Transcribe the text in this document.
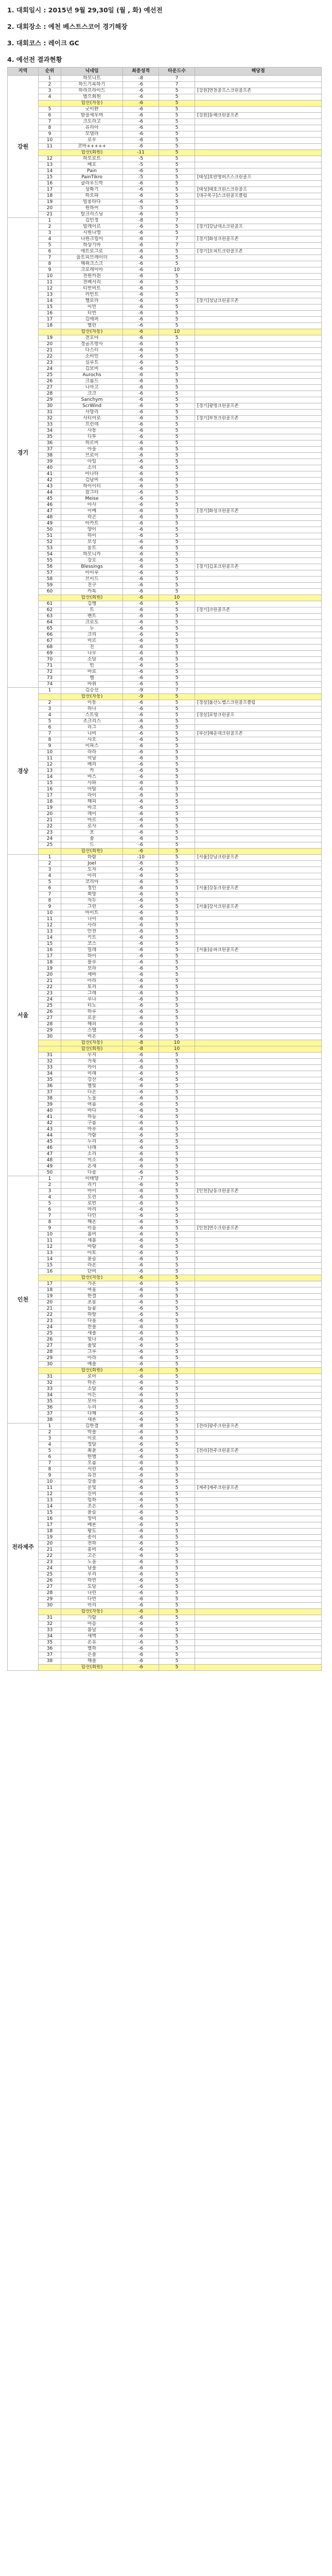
1. 대회일시 : 2015년 9월 29,30일 (월 , 화) 예선전

2. 대회장소 : 예천 베스트스코어 경기해장

3. 대회코스 : 레이크 GC

4. 예선전 결과현황

지역	순위	닉네임	최종성적	타운드수	해당점
강원	1	하모니트	-8	7	
	2	하드기록하기	-6	7	
	3	하라프라이드	-6	5	[강원]연천골프스크린골프존
	4	별으회원	-6	5	
		합산(자동)	-6	5	
	5	굿이완	-6	5	
	6	밤을세우며	-6	5	[강원]동해크린골프존
	7	크도라고	-6	5	
	8	유리아	-6	5	
	9	모델라	-6	5	
	10	로우	-6	5	
	11	코바+++++	-6	5	
		합산(회원)	-11	5	
	12	하모로트	-5	5	
	13	배호	-5	5	
	14	Pain	-6	5	
	15	PainTikro	-5	5	[태성]호반명퍼즈스크린골프
	16	클라우드박	-6	5	
	17	상화기	-6	5	[태성]태호크린스크린골프
	18	하오파	-6	5	[대구북구]스크린골프클럽
	19	빌롱타다	-6	5	
	20	원하어	-5	5	
	21	탈크리스닝	-6	5	
경기	1	김민정	-8	7	
	2	빌레이르	-6	5	[경기]강남대소크린골프
	3	시원나영	-6	5	
	4	나원크립이	-6	7	[경기]화성크린골프존
	5	하상기마	-6	7	
	6	에트로그로	-6	5	[경기]오피트크린골프존
	7	을트피브레이더	-6	5	
	8	해위크스크	-6	5	
	9	크로레이아	-6	10	
	10	전원카윈	-6	5	
	11	전페서리	-6	5	
	12	티빈비트	-6	5	
	13	러빈트	-6	5	
	14	헬로라	-6	5	[경기]성남크린골프존
	15	이빈	-6	5	
	16	티빈	-6	5	
	17	김에퍼	-6	5	
	18	별린	-6	5	
		합산(자동)	-6	10	
	19	전호아	-6	5	
	20	정골프방사	-6	5	
	21	다스터	-6	5	
	22	소비인	-6	5	
	23	실루트	-6	5	
	24	김보비	-6	5	
	25	Aurochs	-6	5	
	26	크롬드	-6	5	
	27	니아고	-6	5	
	28	크크	-6	5	
	29	Sanchym	-6	5	
	30	ScrWind	-6	5	[경기]광명크린골프존
	31	사망리	-6	5	
	32	사티어로	-6	5	[경기]부천크린골프존
	33	프린데	-6	5	
	34	사동	-6	5	
	35	디투	-6	5	
	36	하르비	-6	5	
	37	아을	-6	5	
	38	브로이	-6	5	
	39	아일	-6	5	
	40	소더	-6	5	
	41	아나타	-6	5	
	42	김남비	-6	5	
	43	하이이티	-6	5	
	44	잠그터	-6	5	
	45	Meise	-6	5	
	46	아사	-6	5	
	47	이베	-6	5	[경기]화성크린골프존
	48	곽곤	-6	5	
	49	아카트	-6	5	
	50	양이	-6	5	
	51	하이	-6	5	
	52	보성	-6	5	
	53	롱트	-6	5	
	54	하모니카	-6	5	
	55	강호	-6	5	
	56	Blessings	-6	5	[경기]김포크린골프존
	57	아이루	-6	5	
	58	브이드	-6	5	
	59	진구	-6	5	
	60	카톡	-6	5	
		합산(회원)	-6	10	
	61	김뱅	-6	5	
	62	트	-6	5	[경기]크린골프존
	63	벤트	-6	5	
	64	크로도	-6	5	
	65	누	-6	5	
	66	크리	-6	5	
	67	미르	-6	5	
	68	진	-6	5	
	69	나무	-6	5	
	70	소담	-6	5	
	71	빈	-6	5	
	72	마로	-6	5	
	73	벨	-6	5	
	74	바위	-6	5	
경상	1	김승선	-9	7	
		합산(자동)	-9	5	
	2	이동	-6	5	[경상]울산노벨스크린골프클럽
	3	하나	-6	5	
	4	스트릿	-6	5	[경상]포항크린골프
	5	조크리스	-6	5	
	6	리그	-6	5	
	7	나비	-6	5	[부산]해운대크린골프존
	8	사오	-6	5	
	9	이파스	-6	5	
	10	라라	-6	5	
	11	미남	-6	5	
	12	메리	-6	5	
	13	카	-6	5	
	14	바스	-6	5	
	15	사파	-6	5	
	16	아탑	-6	5	
	17	라이	-6	5	
	18	해피	-6	5	
	19	바크	-6	5	
	20	레이	-6	5	
	21	마르	-6	5	
	22	로사	-6	5	
	23	포	-6	5	
	24	솔	-6	5	
	25	드	-6	5	
		합산(회원)	-6	5	
서울	1	하람	-10	5	[서울]강남크린골프존
	2	Joel	-6	5	
	3	도자	-6	5	
	4	아리	-6	5	
	5	코리아	-6	5	
	6	정인	-6	5	[서울]강동크린골프존
	7	희망	-6	5	
	8	자두	-6	5	
	9	그린	-6	5	[서울]강서크린골프존
	10	마이트	-6	5	
	11	나이	-6	5	
	12	사라	-6	5	
	13	안전	-6	5	
	14	키트	-6	5	
	15	코스	-6	5	
	16	밀레	-6	5	[서울]송파크린골프존
	17	하이	-6	5	
	18	블루	-6	5	
	19	보라	-6	5	
	20	세바	-6	5	
	21	아라	-6	5	
	22	토리	-6	5	
	23	그레	-6	5	
	24	루나	-6	5	
	25	티노	-6	5	
	26	하루	-6	5	
	27	로운	-6	5	
	28	해피	-6	5	
	29	스텔	-6	5	
	30	비온	-6	5	
		합산(자동)	-8	10	
		합산(회원)	-8	10	
	31	무지	-6	5	
	32	거북	-6	5	
	33	카이	-6	5	
	34	미래	-6	5	
	35	강산	-6	5	
	36	별빛	-6	5	
	37	다온	-6	5	
	38	노을	-6	5	
	39	여름	-6	5	
	40	바다	-6	5	
	41	하늘	-6	5	
	42	구름	-6	5	
	43	마루	-6	5	
	44	가람	-6	5	
	45	누리	-6	5	
	46	나래	-6	5	
	47	소리	-6	5	
	48	미소	-6	5	
	49	온새	-6	5	
	50	다솜	-6	5	
인천	1	이태양	-7	5	
	2	리키	-6	5	
	3	마이	-6	5	[인천]남동크린골프존
	4	도린	-6	5	
	5	로빈	-6	5	
	6	마리	-6	5	
	7	다인	-6	5	
	8	해온	-6	5	
	9	이음	-6	5	[인천]연수크린골프존
	10	봄비	-6	5	
	11	새봄	-6	5	
	12	바람	-6	5	
	13	아토	-6	5	
	14	윤슬	-6	5	
	15	라온	-6	5	
	16	단비	-6	5	
		합산(자동)	-6	5	
	17	가온	-6	5	
	18	여울	-6	5	
	19	한결	-6	5	
	20	초롱	-6	5	
	21	들꽃	-6	5	
	22	하랑	-6	5	
	23	다올	-6	5	
	24	찬솔	-6	5	
	25	새솔	-6	5	
	26	빛나	-6	5	
	27	솔빛	-6	5	
	28	그루	-6	5	
	29	아라	-6	5	
	30	예솔	-6	5	
		합산(회원)	-6	5	
	31	로아	-6	5	
	32	하온	-6	5	
	33	소담	-6	5	
	34	이든	-6	5	
	35	모아	-6	5	
	36	누리	-6	5	
	37	다해	-6	5	
	38	새론	-6	5	
전라제주	1	김한결	-8	5	[전라]광주크린골프존
	2	박솔	-6	5	
	3	이로	-6	5	
	4	정담	-6	5	
	5	최윤	-6	5	[전라]전주크린골프존
	6	한별	-6	5	
	7	오름	-6	5	
	8	서린	-6	5	
	9	유진	-6	5	
	10	강솔	-6	5	
	11	문빛	-6	5	[제주]제주크린골프존
	12	신비	-6	5	
	13	임하	-6	5	
	14	조은	-6	5	
	15	윤슬	-6	5	
	16	장미	-6	5	
	17	배론	-6	5	
	18	황도	-6	5	
	19	송이	-6	5	
	20	전하	-6	5	
	21	홍비	-6	5	
	22	고은	-6	5	
	23	노을	-6	5	
	24	남솔	-6	5	
	25	우리	-6	5	
	26	하빈	-6	5	
	27	도담	-6	5	
	28	나린	-6	5	
	29	다빈	-6	5	
	30	미리	-6	5	
		합산(자동)	-6	5	
	31	가람	-6	5	
	32	마음	-6	5	
	33	봄날	-6	5	
	34	새벽	-6	5	
	35	온유	-6	5	
	36	별하	-6	5	
	37	은솔	-6	5	
	38	해솔	-6	5	
		합산(회원)	-6	5	
